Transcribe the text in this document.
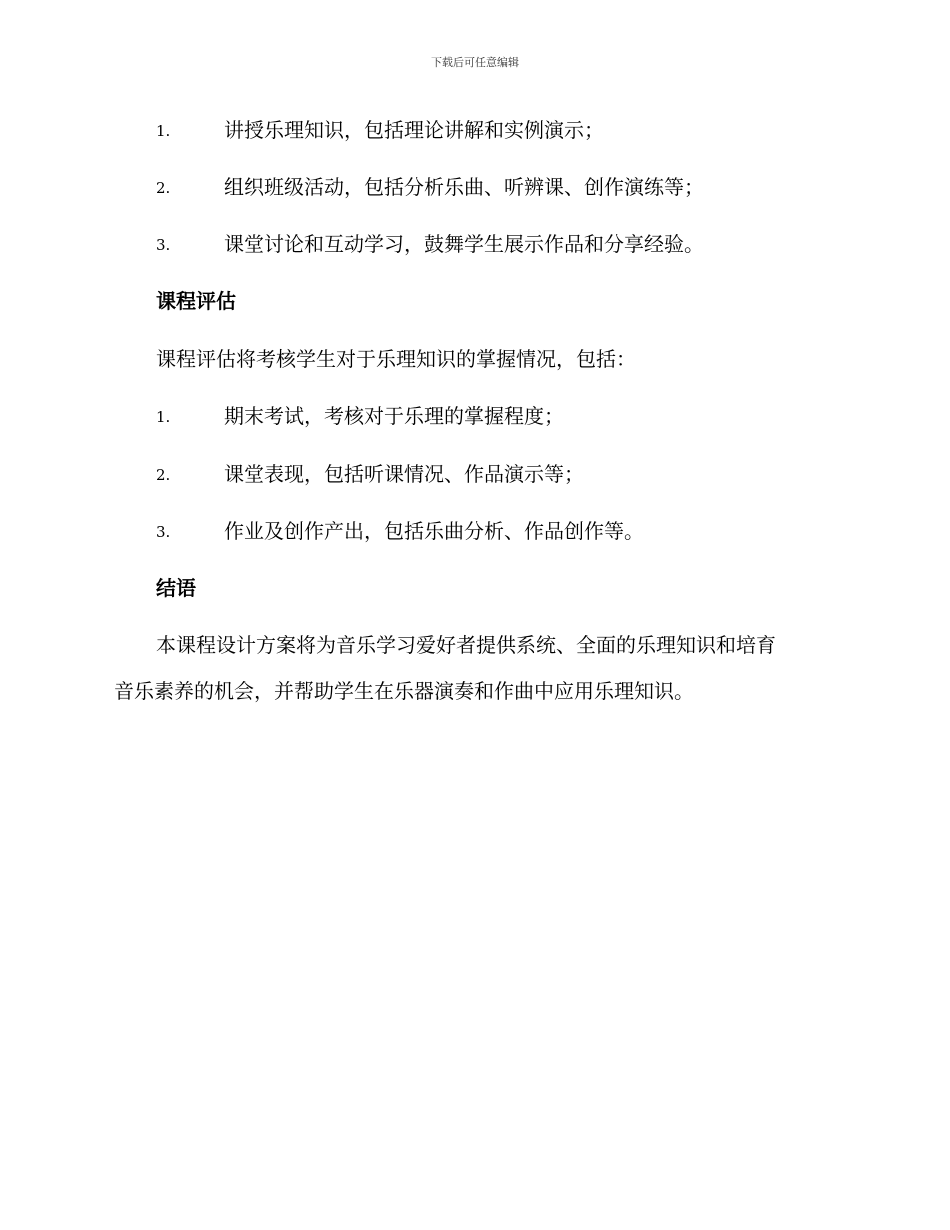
下载后可任意编辑
1.	讲授乐理知识，包括理论讲解和实例演示；
2.	组织班级活动，包括分析乐曲、听辨课、创作演练等；
3.	课堂讨论和互动学习，鼓舞学生展示作品和分享经验。
课程评估
课程评估将考核学生对于乐理知识的掌握情况，包括：
1.	期末考试，考核对于乐理的掌握程度；
2.	课堂表现，包括听课情况、作品演示等；
3.	作业及创作产出，包括乐曲分析、作品创作等。
结语
本课程设计方案将为音乐学习爱好者提供系统、全面的乐理知识和培育
音乐素养的机会，并帮助学生在乐器演奏和作曲中应用乐理知识。
